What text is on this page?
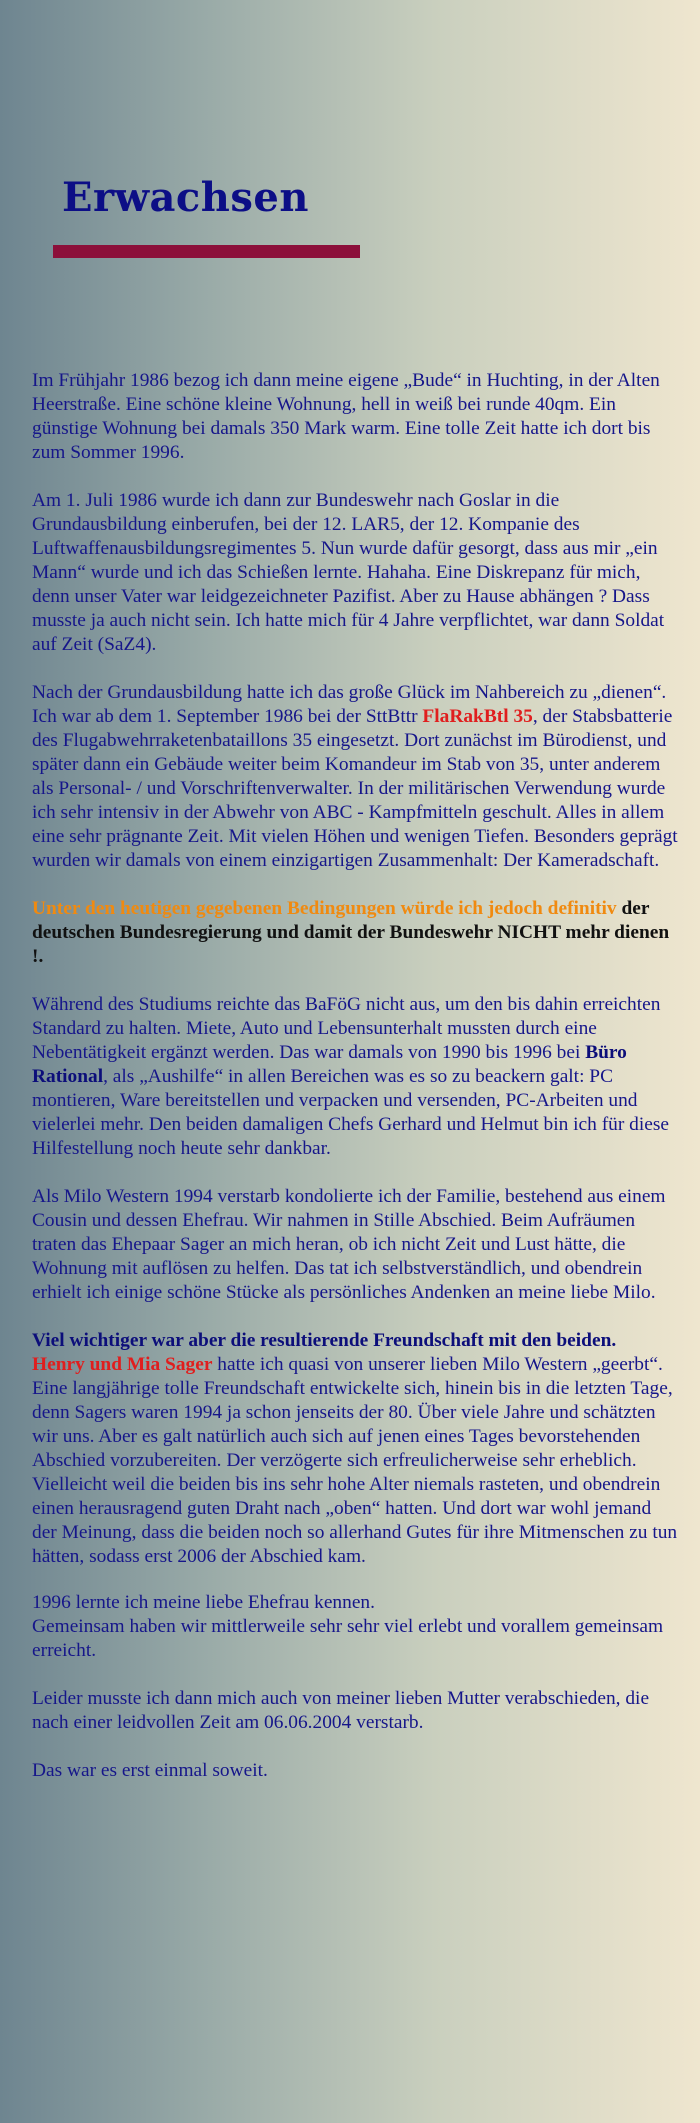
Erwachsen

Im Frühjahr 1986 bezog ich dann meine eigene „Bude“ in Huchting, in der Alten Heerstraße. Eine schöne kleine Wohnung, hell in weiß bei runde 40qm. Ein günstige Wohnung bei damals 350 Mark warm. Eine tolle Zeit hatte ich dort bis zum Sommer 1996.

Am 1. Juli 1986 wurde ich dann zur Bundeswehr nach Goslar in die Grundausbildung einberufen, bei der 12. LAR5, der 12. Kompanie des Luftwaffenausbildungsregimentes 5. Nun wurde dafür gesorgt, dass aus mir „ein Mann“ wurde und ich das Schießen lernte. Hahaha. Eine Diskrepanz für mich, denn unser Vater war leidgezeichneter Pazifist. Aber zu Hause abhängen ? Dass musste ja auch nicht sein. Ich hatte mich für 4 Jahre verpflichtet, war dann Soldat auf Zeit (SaZ4).

Nach der Grundausbildung hatte ich das große Glück im Nahbereich zu „dienen“. Ich war ab dem 1. September 1986 bei der SttBttr FlaRakBtl 35, der Stabsbatterie des Flugabwehrraketenbataillons 35 eingesetzt. Dort zunächst im Bürodienst, und später dann ein Gebäude weiter beim Komandeur im Stab von 35, unter anderem als Personal- / und Vorschriftenverwalter. In der militärischen Verwendung wurde ich sehr intensiv in der Abwehr von ABC - Kampfmitteln geschult. Alles in allem eine sehr prägnante Zeit. Mit vielen Höhen und wenigen Tiefen. Besonders geprägt wurden wir damals von einem einzigartigen Zusammenhalt: Der Kameradschaft.

Unter den heutigen gegebenen Bedingungen würde ich jedoch definitiv der deutschen Bundesregierung und damit der Bundeswehr NICHT mehr dienen !.

Während des Studiums reichte das BaFöG nicht aus, um den bis dahin erreichten Standard zu halten. Miete, Auto und Lebensunterhalt mussten durch eine Nebentätigkeit ergänzt werden. Das war damals von 1990 bis 1996 bei Büro Rational, als „Aushilfe“ in allen Bereichen was es so zu beackern galt: PC montieren, Ware bereitstellen und verpacken und versenden, PC-Arbeiten und vielerlei mehr. Den beiden damaligen Chefs Gerhard und Helmut bin ich für diese Hilfestellung noch heute sehr dankbar.

Als Milo Western 1994 verstarb kondolierte ich der Familie, bestehend aus einem Cousin und dessen Ehefrau. Wir nahmen in Stille Abschied. Beim Aufräumen traten das Ehepaar Sager an mich heran, ob ich nicht Zeit und Lust hätte, die Wohnung mit auflösen zu helfen. Das tat ich selbstverständlich, und obendrein erhielt ich einige schöne Stücke als persönliches Andenken an meine liebe Milo.

Viel wichtiger war aber die resultierende Freundschaft mit den beiden.
Henry und Mia Sager hatte ich quasi von unserer lieben Milo Western „geerbt“. Eine langjährige tolle Freundschaft entwickelte sich, hinein bis in die letzten Tage, denn Sagers waren 1994 ja schon jenseits der 80. Über viele Jahre und schätzten wir uns. Aber es galt natürlich auch sich auf jenen eines Tages bevorstehenden Abschied vorzubereiten. Der verzögerte sich erfreulicherweise sehr erheblich. Vielleicht weil die beiden bis ins sehr hohe Alter niemals rasteten, und obendrein einen herausragend guten Draht nach „oben“ hatten. Und dort war wohl jemand der Meinung, dass die beiden noch so allerhand Gutes für ihre Mitmenschen zu tun hätten, sodass erst 2006 der Abschied kam.

1996 lernte ich meine liebe Ehefrau kennen.
Gemeinsam haben wir mittlerweile sehr sehr viel erlebt und vorallem gemeinsam erreicht.

Leider musste ich dann mich auch von meiner lieben Mutter verabschieden, die nach einer leidvollen Zeit am 06.06.2004 verstarb.

Das war es erst einmal soweit.
